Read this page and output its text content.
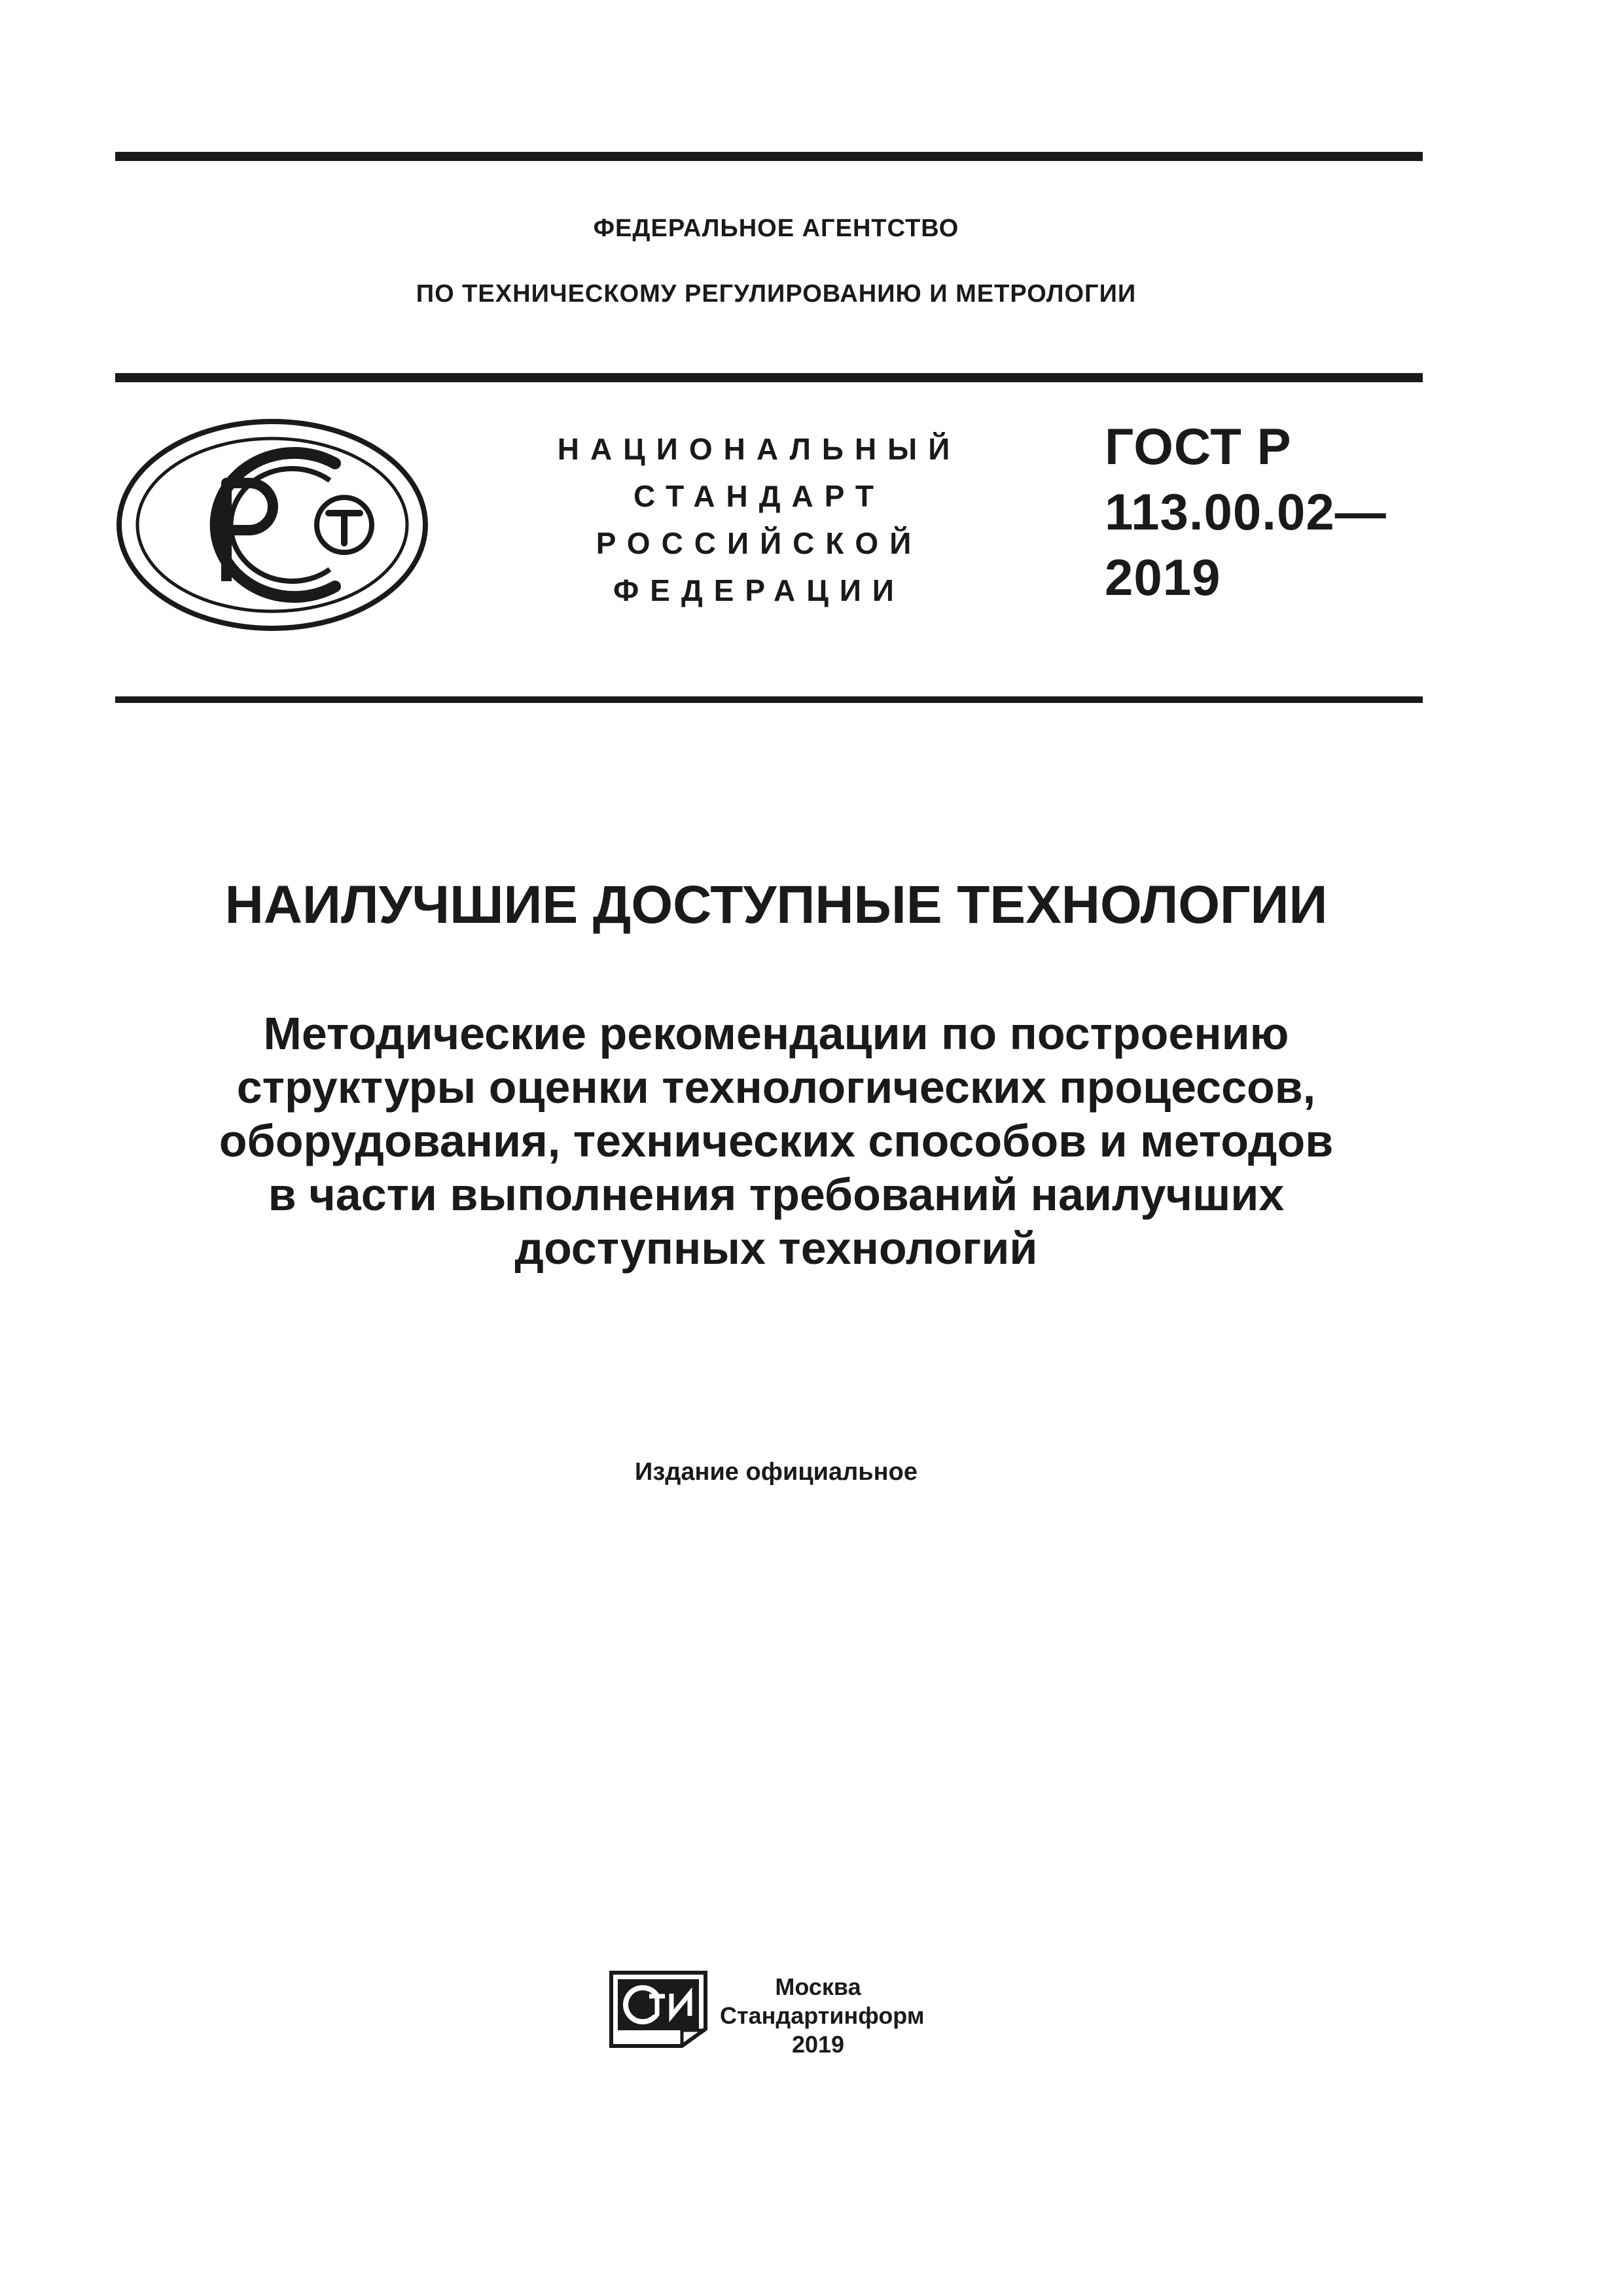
ФЕДЕРАЛЬНОЕ АГЕНТСТВО
ПО ТЕХНИЧЕСКОМУ РЕГУЛИРОВАНИЮ И МЕТРОЛОГИИ
НАЦИОНАЛЬНЫЙ
СТАНДАРТ
РОССИЙСКОЙ
ФЕДЕРАЦИИ
ГОСТ Р
113.00.02—
2019
НАИЛУЧШИЕ ДОСТУПНЫЕ ТЕХНОЛОГИИ
Методические рекомендации по построению
структуры оценки технологических процессов,
оборудования, технических способов и методов
в части выполнения требований наилучших
доступных технологий
Издание официальное
Москва
Стандартинформ
2019
